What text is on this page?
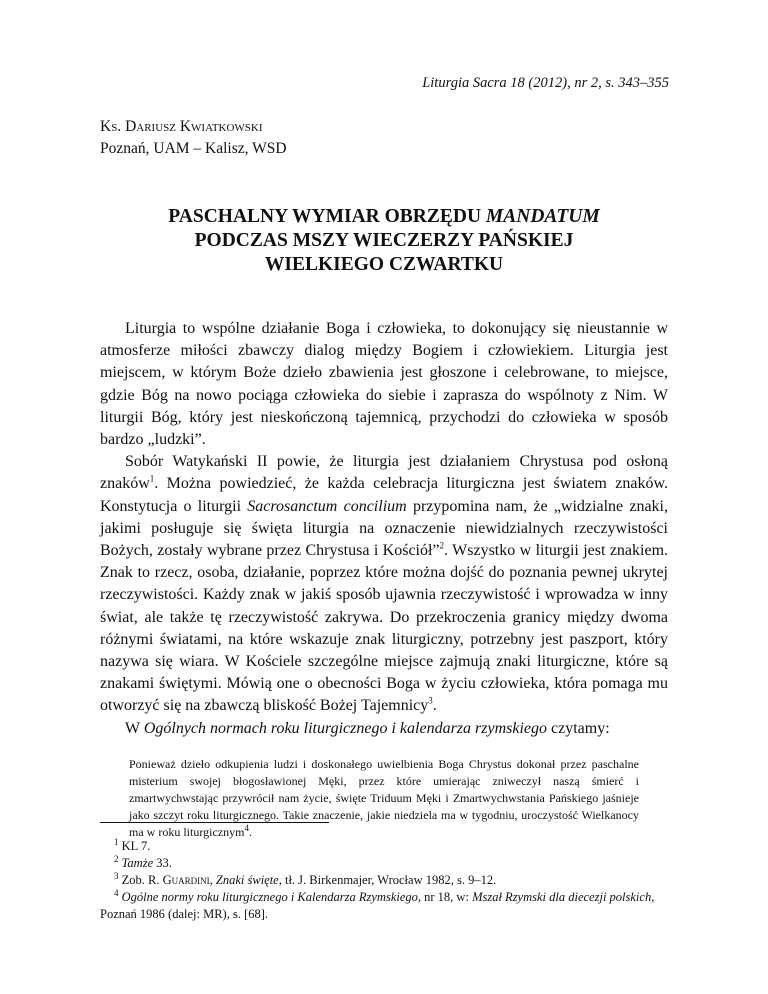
Liturgia Sacra 18 (2012), nr 2, s. 343–355
Ks. Dariusz Kwiatkowski
Poznań, UAM – Kalisz, WSD
PASCHALNY WYMIAR OBRZĘDU MANDATUM
PODCZAS MSZY WIECZERZY PAŃSKIEJ
WIELKIEGO CZWARTKU

Liturgia to wspólne działanie Boga i człowieka, to dokonujący się nieustannie w atmosferze miłości zbawczy dialog między Bogiem i człowiekiem. Liturgia jest miejscem, w którym Boże dzieło zbawienia jest głoszone i celebrowane, to miejsce, gdzie Bóg na nowo pociąga człowieka do siebie i zaprasza do wspólnoty z Nim. W liturgii Bóg, który jest nieskończoną tajemnicą, przychodzi do człowieka w sposób bardzo „ludzki”.

Sobór Watykański II powie, że liturgia jest działaniem Chrystusa pod osłoną znaków$^1$. Można powiedzieć, że każda celebracja liturgiczna jest światem znaków. Konstytucja o liturgii Sacrosanctum concilium przypomina nam, że „widzialne znaki, jakimi posługuje się święta liturgia na oznaczenie niewidzialnych rzeczywistości Bożych, zostały wybrane przez Chrystusa i Kościół”$^2$. Wszystko w liturgii jest znakiem. Znak to rzecz, osoba, działanie, poprzez które można dojść do poznania pewnej ukrytej rzeczywistości. Każdy znak w jakiś sposób ujawnia rzeczywistość i wprowadza w inny świat, ale także tę rzeczywistość zakrywa. Do przekroczenia granicy między dwoma różnymi światami, na które wskazuje znak liturgiczny, potrzebny jest paszport, który nazywa się wiara. W Kościele szczególne miejsce zajmują znaki liturgiczne, które są znakami świętymi. Mówią one o obecności Boga w życiu człowieka, która pomaga mu otworzyć się na zbawczą bliskość Bożej Tajemnicy$^3$.

W Ogólnych normach roku liturgicznego i kalendarza rzymskiego czytamy:

Ponieważ dzieło odkupienia ludzi i doskonałego uwielbienia Boga Chrystus dokonał przez paschalne misterium swojej błogosławionej Męki, przez które umierając zniweczył naszą śmierć i zmartwychwstając przywrócił nam życie, święte Triduum Męki i Zmartwychwstania Pańskiego jaśnieje jako szczyt roku liturgicznego. Takie znaczenie, jakie niedziela ma w tygodniu, uroczystość Wielkanocy ma w roku liturgicznym$^4$.
$^1$ KL 7.
$^2$ Tamże 33.
$^3$ Zob. R. Guardini, Znaki święte, tł. J. Birkenmajer, Wrocław 1982, s. 9–12.
$^4$ Ogólne normy roku liturgicznego i Kalendarza Rzymskiego, nr 18, w: Mszał Rzymski dla diecezji polskich, Poznań 1986 (dalej: MR), s. [68].
